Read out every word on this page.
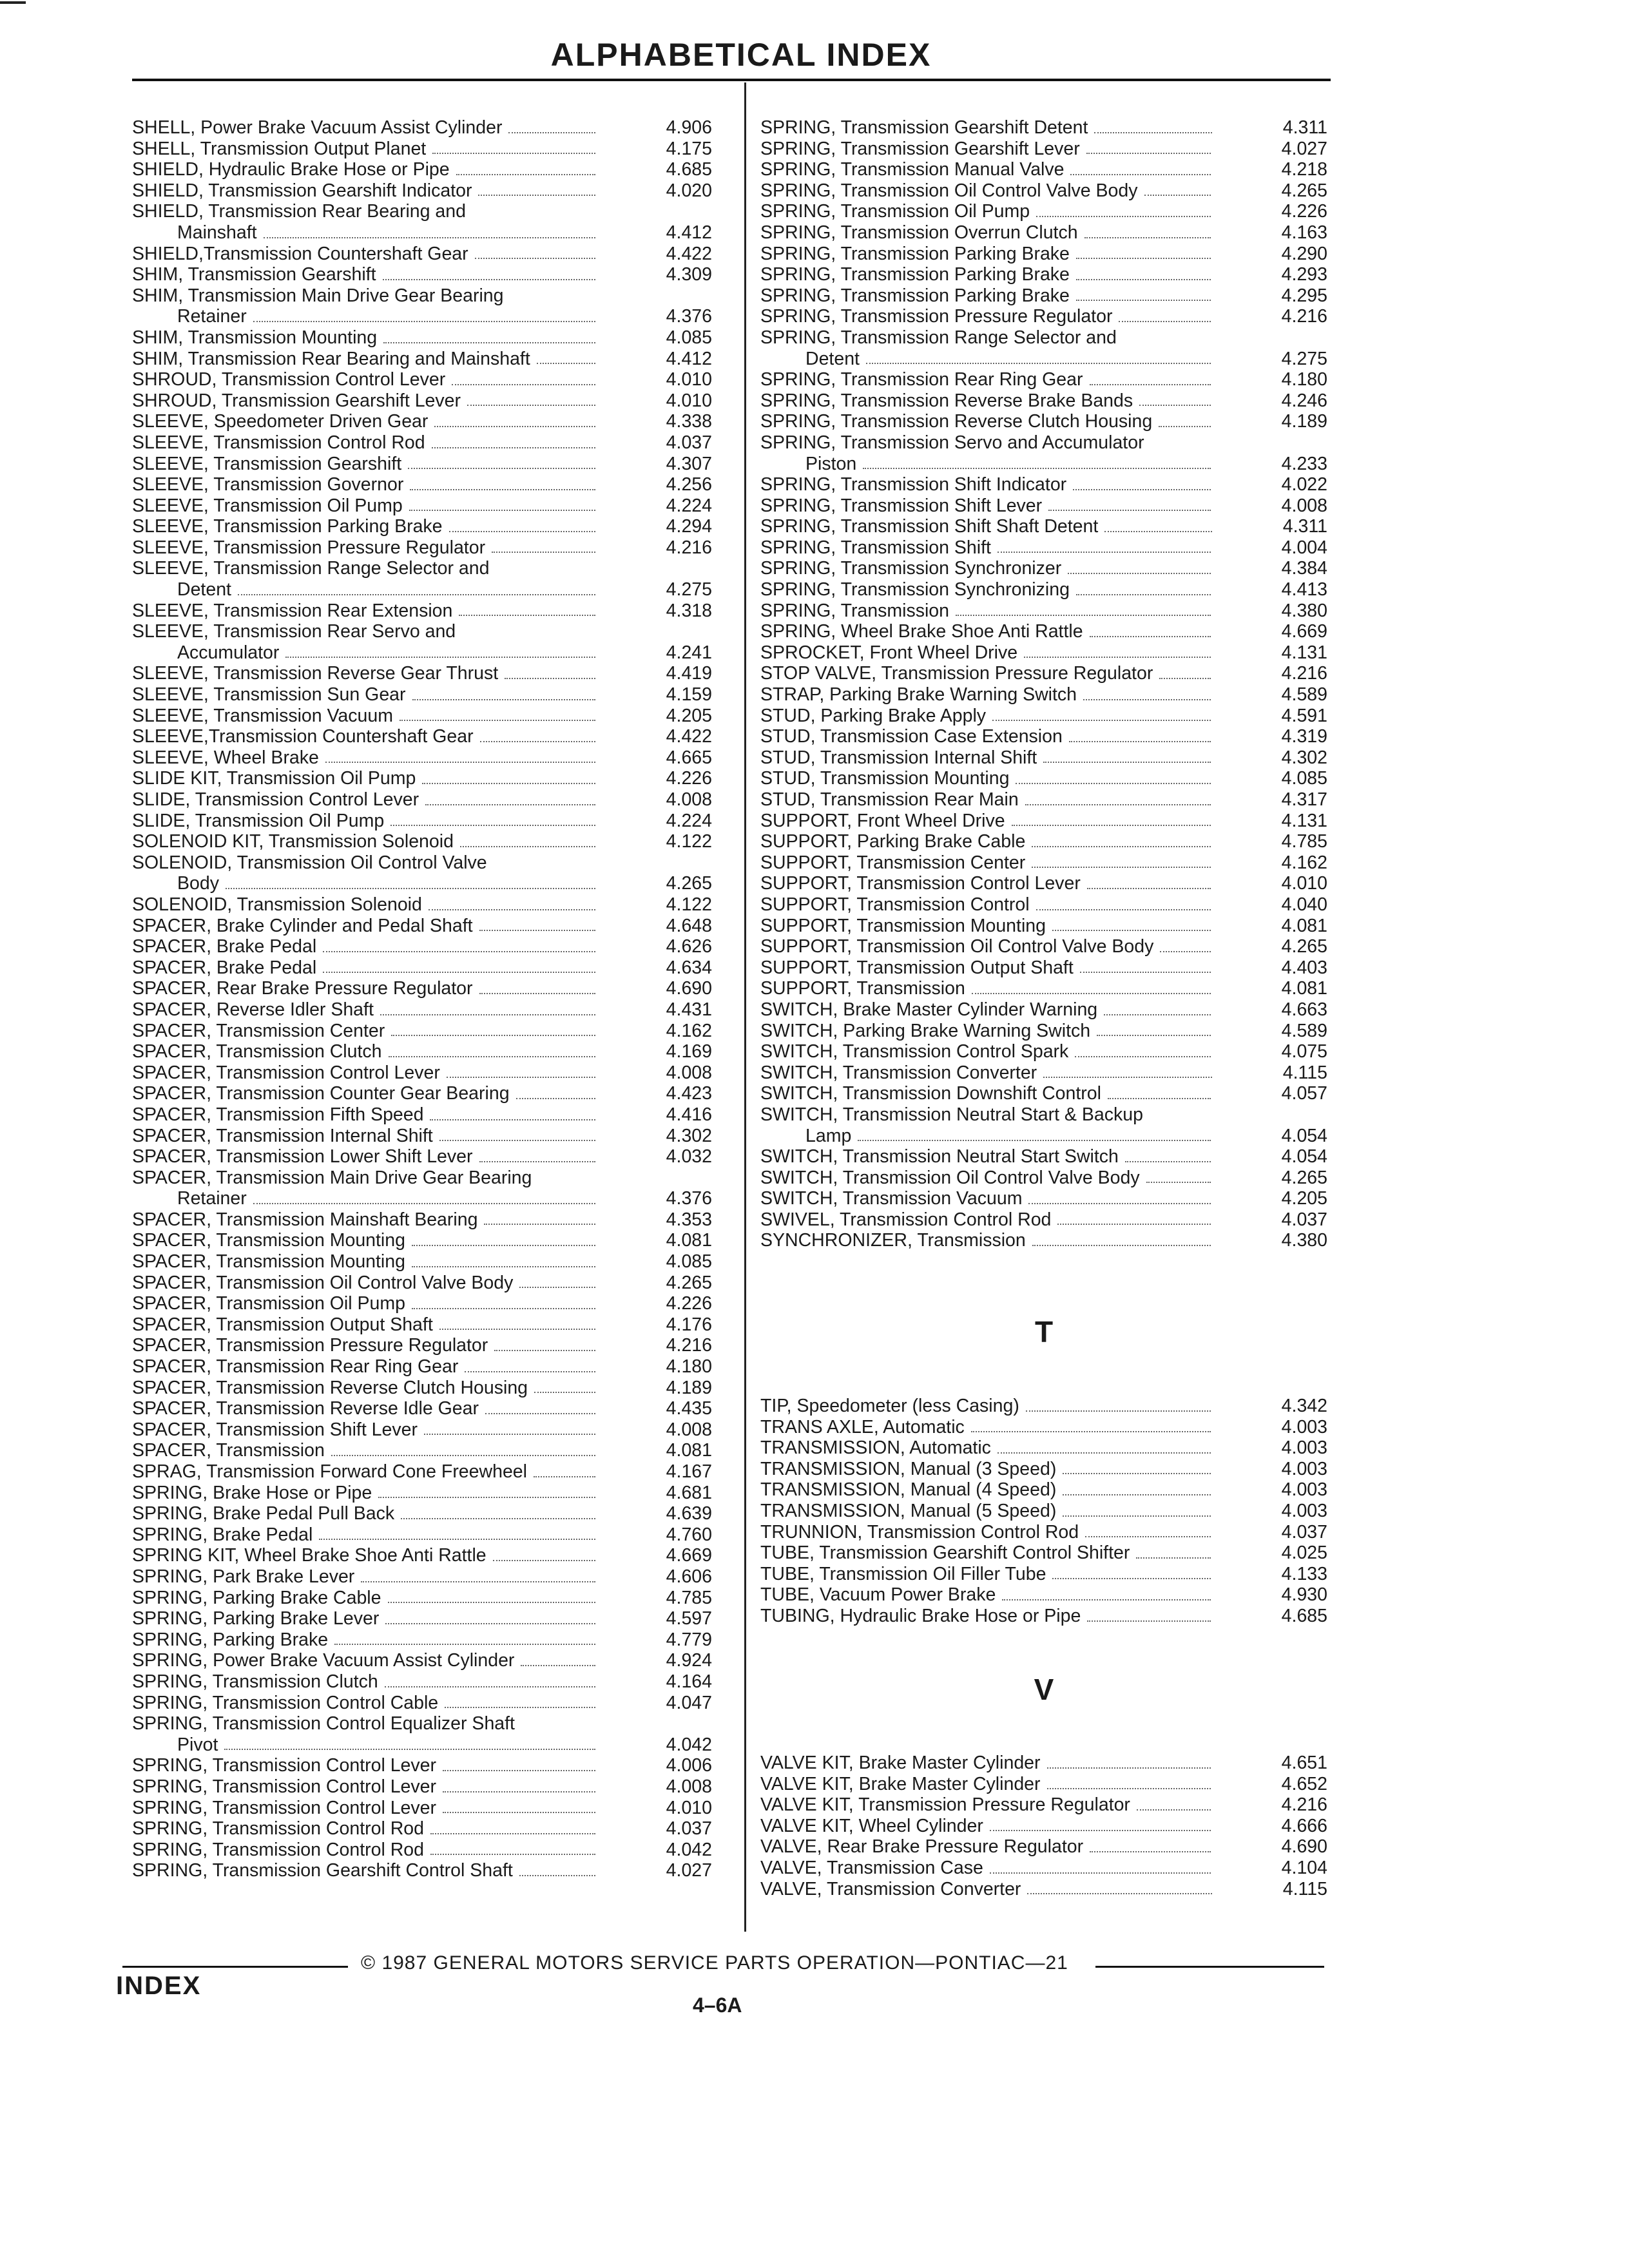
ALPHABETICAL INDEX
SHELL, Power Brake Vacuum Assist Cylinder	4.906
SHELL, Transmission Output Planet	4.175
SHIELD, Hydraulic Brake Hose or Pipe	4.685
SHIELD, Transmission Gearshift Indicator	4.020
SHIELD, Transmission Rear Bearing and
Mainshaft	4.412
SHIELD,Transmission Countershaft Gear	4.422
SHIM, Transmission Gearshift	4.309
SHIM, Transmission Main Drive Gear Bearing
Retainer	4.376
SHIM, Transmission Mounting	4.085
SHIM, Transmission Rear Bearing and Mainshaft	4.412
SHROUD, Transmission Control Lever	4.010
SHROUD, Transmission Gearshift Lever	4.010
SLEEVE, Speedometer Driven Gear	4.338
SLEEVE, Transmission Control Rod	4.037
SLEEVE, Transmission Gearshift	4.307
SLEEVE, Transmission Governor	4.256
SLEEVE, Transmission Oil Pump	4.224
SLEEVE, Transmission Parking Brake	4.294
SLEEVE, Transmission Pressure Regulator	4.216
SLEEVE, Transmission Range Selector and
Detent	4.275
SLEEVE, Transmission Rear Extension	4.318
SLEEVE, Transmission Rear Servo and
Accumulator	4.241
SLEEVE, Transmission Reverse Gear Thrust	4.419
SLEEVE, Transmission Sun Gear	4.159
SLEEVE, Transmission Vacuum	4.205
SLEEVE,Transmission Countershaft Gear	4.422
SLEEVE, Wheel Brake	4.665
SLIDE KIT, Transmission Oil Pump	4.226
SLIDE, Transmission Control Lever	4.008
SLIDE, Transmission Oil Pump	4.224
SOLENOID KIT, Transmission Solenoid	4.122
SOLENOID, Transmission Oil Control Valve
Body	4.265
SOLENOID, Transmission Solenoid	4.122
SPACER, Brake Cylinder and Pedal Shaft	4.648
SPACER, Brake Pedal	4.626
SPACER, Brake Pedal	4.634
SPACER, Rear Brake Pressure Regulator	4.690
SPACER, Reverse Idler Shaft	4.431
SPACER, Transmission Center	4.162
SPACER, Transmission Clutch	4.169
SPACER, Transmission Control Lever	4.008
SPACER, Transmission Counter Gear Bearing	4.423
SPACER, Transmission Fifth Speed	4.416
SPACER, Transmission Internal Shift	4.302
SPACER, Transmission Lower Shift Lever	4.032
SPACER, Transmission Main Drive Gear Bearing
Retainer	4.376
SPACER, Transmission Mainshaft Bearing	4.353
SPACER, Transmission Mounting	4.081
SPACER, Transmission Mounting	4.085
SPACER, Transmission Oil Control Valve Body	4.265
SPACER, Transmission Oil Pump	4.226
SPACER, Transmission Output Shaft	4.176
SPACER, Transmission Pressure Regulator	4.216
SPACER, Transmission Rear Ring Gear	4.180
SPACER, Transmission Reverse Clutch Housing	4.189
SPACER, Transmission Reverse Idle Gear	4.435
SPACER, Transmission Shift Lever	4.008
SPACER, Transmission	4.081
SPRAG, Transmission Forward Cone Freewheel	4.167
SPRING, Brake Hose or Pipe	4.681
SPRING, Brake Pedal Pull Back	4.639
SPRING, Brake Pedal	4.760
SPRING KIT, Wheel Brake Shoe Anti Rattle	4.669
SPRING, Park Brake Lever	4.606
SPRING, Parking Brake Cable	4.785
SPRING, Parking Brake Lever	4.597
SPRING, Parking Brake	4.779
SPRING, Power Brake Vacuum Assist Cylinder	4.924
SPRING, Transmission Clutch	4.164
SPRING, Transmission Control Cable	4.047
SPRING, Transmission Control Equalizer Shaft
Pivot	4.042
SPRING, Transmission Control Lever	4.006
SPRING, Transmission Control Lever	4.008
SPRING, Transmission Control Lever	4.010
SPRING, Transmission Control Rod	4.037
SPRING, Transmission Control Rod	4.042
SPRING, Transmission Gearshift Control Shaft	4.027
SPRING, Transmission Gearshift Detent	4.311
SPRING, Transmission Gearshift Lever	4.027
SPRING, Transmission Manual Valve	4.218
SPRING, Transmission Oil Control Valve Body	4.265
SPRING, Transmission Oil Pump	4.226
SPRING, Transmission Overrun Clutch	4.163
SPRING, Transmission Parking Brake	4.290
SPRING, Transmission Parking Brake	4.293
SPRING, Transmission Parking Brake	4.295
SPRING, Transmission Pressure Regulator	4.216
SPRING, Transmission Range Selector and
Detent	4.275
SPRING, Transmission Rear Ring Gear	4.180
SPRING, Transmission Reverse Brake Bands	4.246
SPRING, Transmission Reverse Clutch Housing	4.189
SPRING, Transmission Servo and Accumulator
Piston	4.233
SPRING, Transmission Shift Indicator	4.022
SPRING, Transmission Shift Lever	4.008
SPRING, Transmission Shift Shaft Detent	4.311
SPRING, Transmission Shift	4.004
SPRING, Transmission Synchronizer	4.384
SPRING, Transmission Synchronizing	4.413
SPRING, Transmission	4.380
SPRING, Wheel Brake Shoe Anti Rattle	4.669
SPROCKET, Front Wheel Drive	4.131
STOP VALVE, Transmission Pressure Regulator	4.216
STRAP, Parking Brake Warning Switch	4.589
STUD, Parking Brake Apply	4.591
STUD, Transmission Case Extension	4.319
STUD, Transmission Internal Shift	4.302
STUD, Transmission Mounting	4.085
STUD, Transmission Rear Main	4.317
SUPPORT, Front Wheel Drive	4.131
SUPPORT, Parking Brake Cable	4.785
SUPPORT, Transmission Center	4.162
SUPPORT, Transmission Control Lever	4.010
SUPPORT, Transmission Control	4.040
SUPPORT, Transmission Mounting	4.081
SUPPORT, Transmission Oil Control Valve Body	4.265
SUPPORT, Transmission Output Shaft	4.403
SUPPORT, Transmission	4.081
SWITCH, Brake Master Cylinder Warning	4.663
SWITCH, Parking Brake Warning Switch	4.589
SWITCH, Transmission Control Spark	4.075
SWITCH, Transmission Converter	4.115
SWITCH, Transmission Downshift Control	4.057
SWITCH, Transmission Neutral Start & Backup
Lamp	4.054
SWITCH, Transmission Neutral Start Switch	4.054
SWITCH, Transmission Oil Control Valve Body	4.265
SWITCH, Transmission Vacuum	4.205
SWIVEL, Transmission Control Rod	4.037
SYNCHRONIZER, Transmission	4.380
T
TIP, Speedometer (less Casing)	4.342
TRANS AXLE, Automatic	4.003
TRANSMISSION, Automatic	4.003
TRANSMISSION, Manual (3 Speed)	4.003
TRANSMISSION, Manual (4 Speed)	4.003
TRANSMISSION, Manual (5 Speed)	4.003
TRUNNION, Transmission Control Rod	4.037
TUBE, Transmission Gearshift Control Shifter	4.025
TUBE, Transmission Oil Filler Tube	4.133
TUBE, Vacuum Power Brake	4.930
TUBING, Hydraulic Brake Hose or Pipe	4.685
V
VALVE KIT, Brake Master Cylinder	4.651
VALVE KIT, Brake Master Cylinder	4.652
VALVE KIT, Transmission Pressure Regulator	4.216
VALVE KIT, Wheel Cylinder	4.666
VALVE, Rear Brake Pressure Regulator	4.690
VALVE, Transmission Case	4.104
VALVE, Transmission Converter	4.115
© 1987 GENERAL MOTORS SERVICE PARTS OPERATION—PONTIAC—21
INDEX
4–6A
